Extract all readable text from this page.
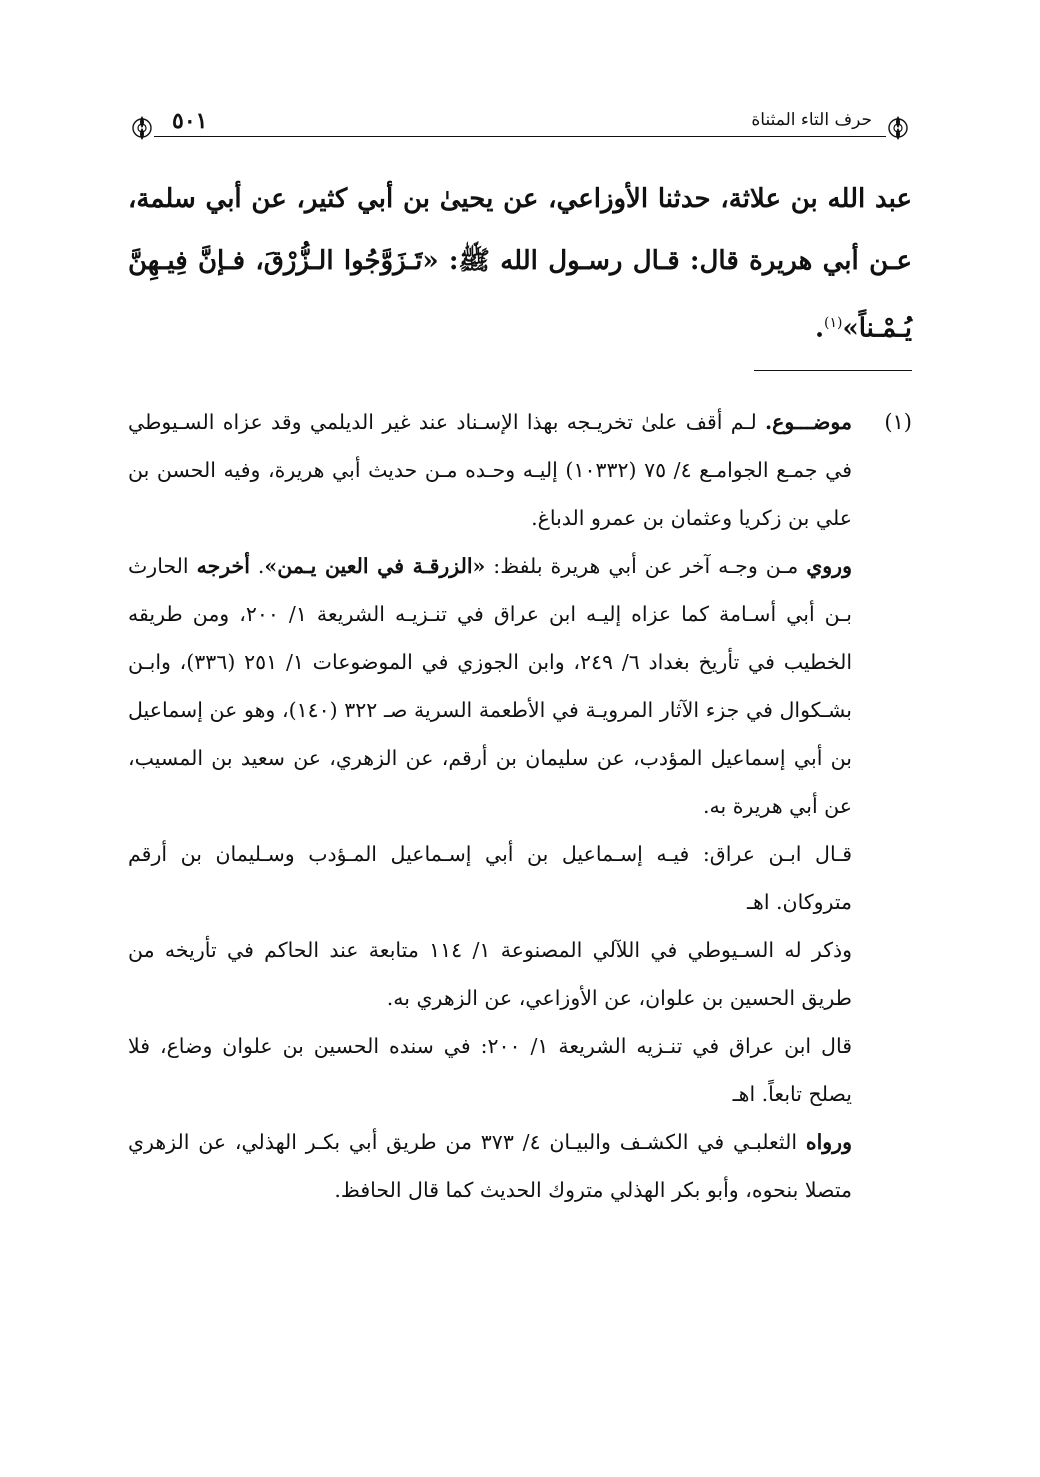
٥٠١	حرف التاء المثناة

عبد الله بن علاثة، حدثنا الأوزاعي، عن يحيىٰ بن أبي كثير، عن أبي سلمة، عـن أبي هريرة قال: قـال رسـول الله ﷺ: «تَـزَوَّجُوا الـزُّرْقَ، فـإنَّ فِيـهِنَّ يُـمْـناً»$^{(١)}$.

(١)

موضـــوع. لـم أقف علىٰ تخريـجه بهذا الإسـناد عند غير الديلمي وقد عزاه السـيوطي في جمـع الجوامـع ٤/ ٧٥ (١٠٣٣٢) إليـه وحـده مـن حديث أبي هريرة، وفيه الحسن بن علي بن زكريا وعثمان بن عمرو الدباغ.

وروي مـن وجـه آخر عن أبي هريرة بلفظ: «الزرقـة في العين يـمن». أخرجه الحارث بـن أبي أسـامة كما عزاه إليـه ابن عراق في تنـزيـه الشريعة ١/ ٢٠٠، ومن طريقه الخطيب في تأريخ بغداد ٦/ ٢٤٩، وابن الجوزي في الموضوعات ١/ ٢٥١ (٣٣٦)، وابـن بشـكوال في جزء الآثار المرويـة في الأطعمة السرية صـ ٣٢٢ (١٤٠)، وهو عن إسماعيل بن أبي إسماعيل المؤدب، عن سليمان بن أرقم، عن الزهري، عن سعيد بن المسيب، عن أبي هريرة به.

قـال ابـن عراق: فيـه إسـماعيل بن أبي إسـماعيل المـؤدب وسـليمان بن أرقم متروكان. اهـ

وذكر له السـيوطي في اللآلي المصنوعة ١/ ١١٤ متابعة عند الحاكم في تأريخه من طريق الحسين بن علوان، عن الأوزاعي، عن الزهري به.

قال ابن عراق في تنـزيه الشريعة ١/ ٢٠٠: في سنده الحسين بن علوان وضاع، فلا يصلح تابعاً. اهـ

ورواه الثعلبـي في الكشـف والبيـان ٤/ ٣٧٣ من طريق أبي بكـر الهذلي، عن الزهري متصلا بنحوه، وأبو بكر الهذلي متروك الحديث كما قال الحافظ.
